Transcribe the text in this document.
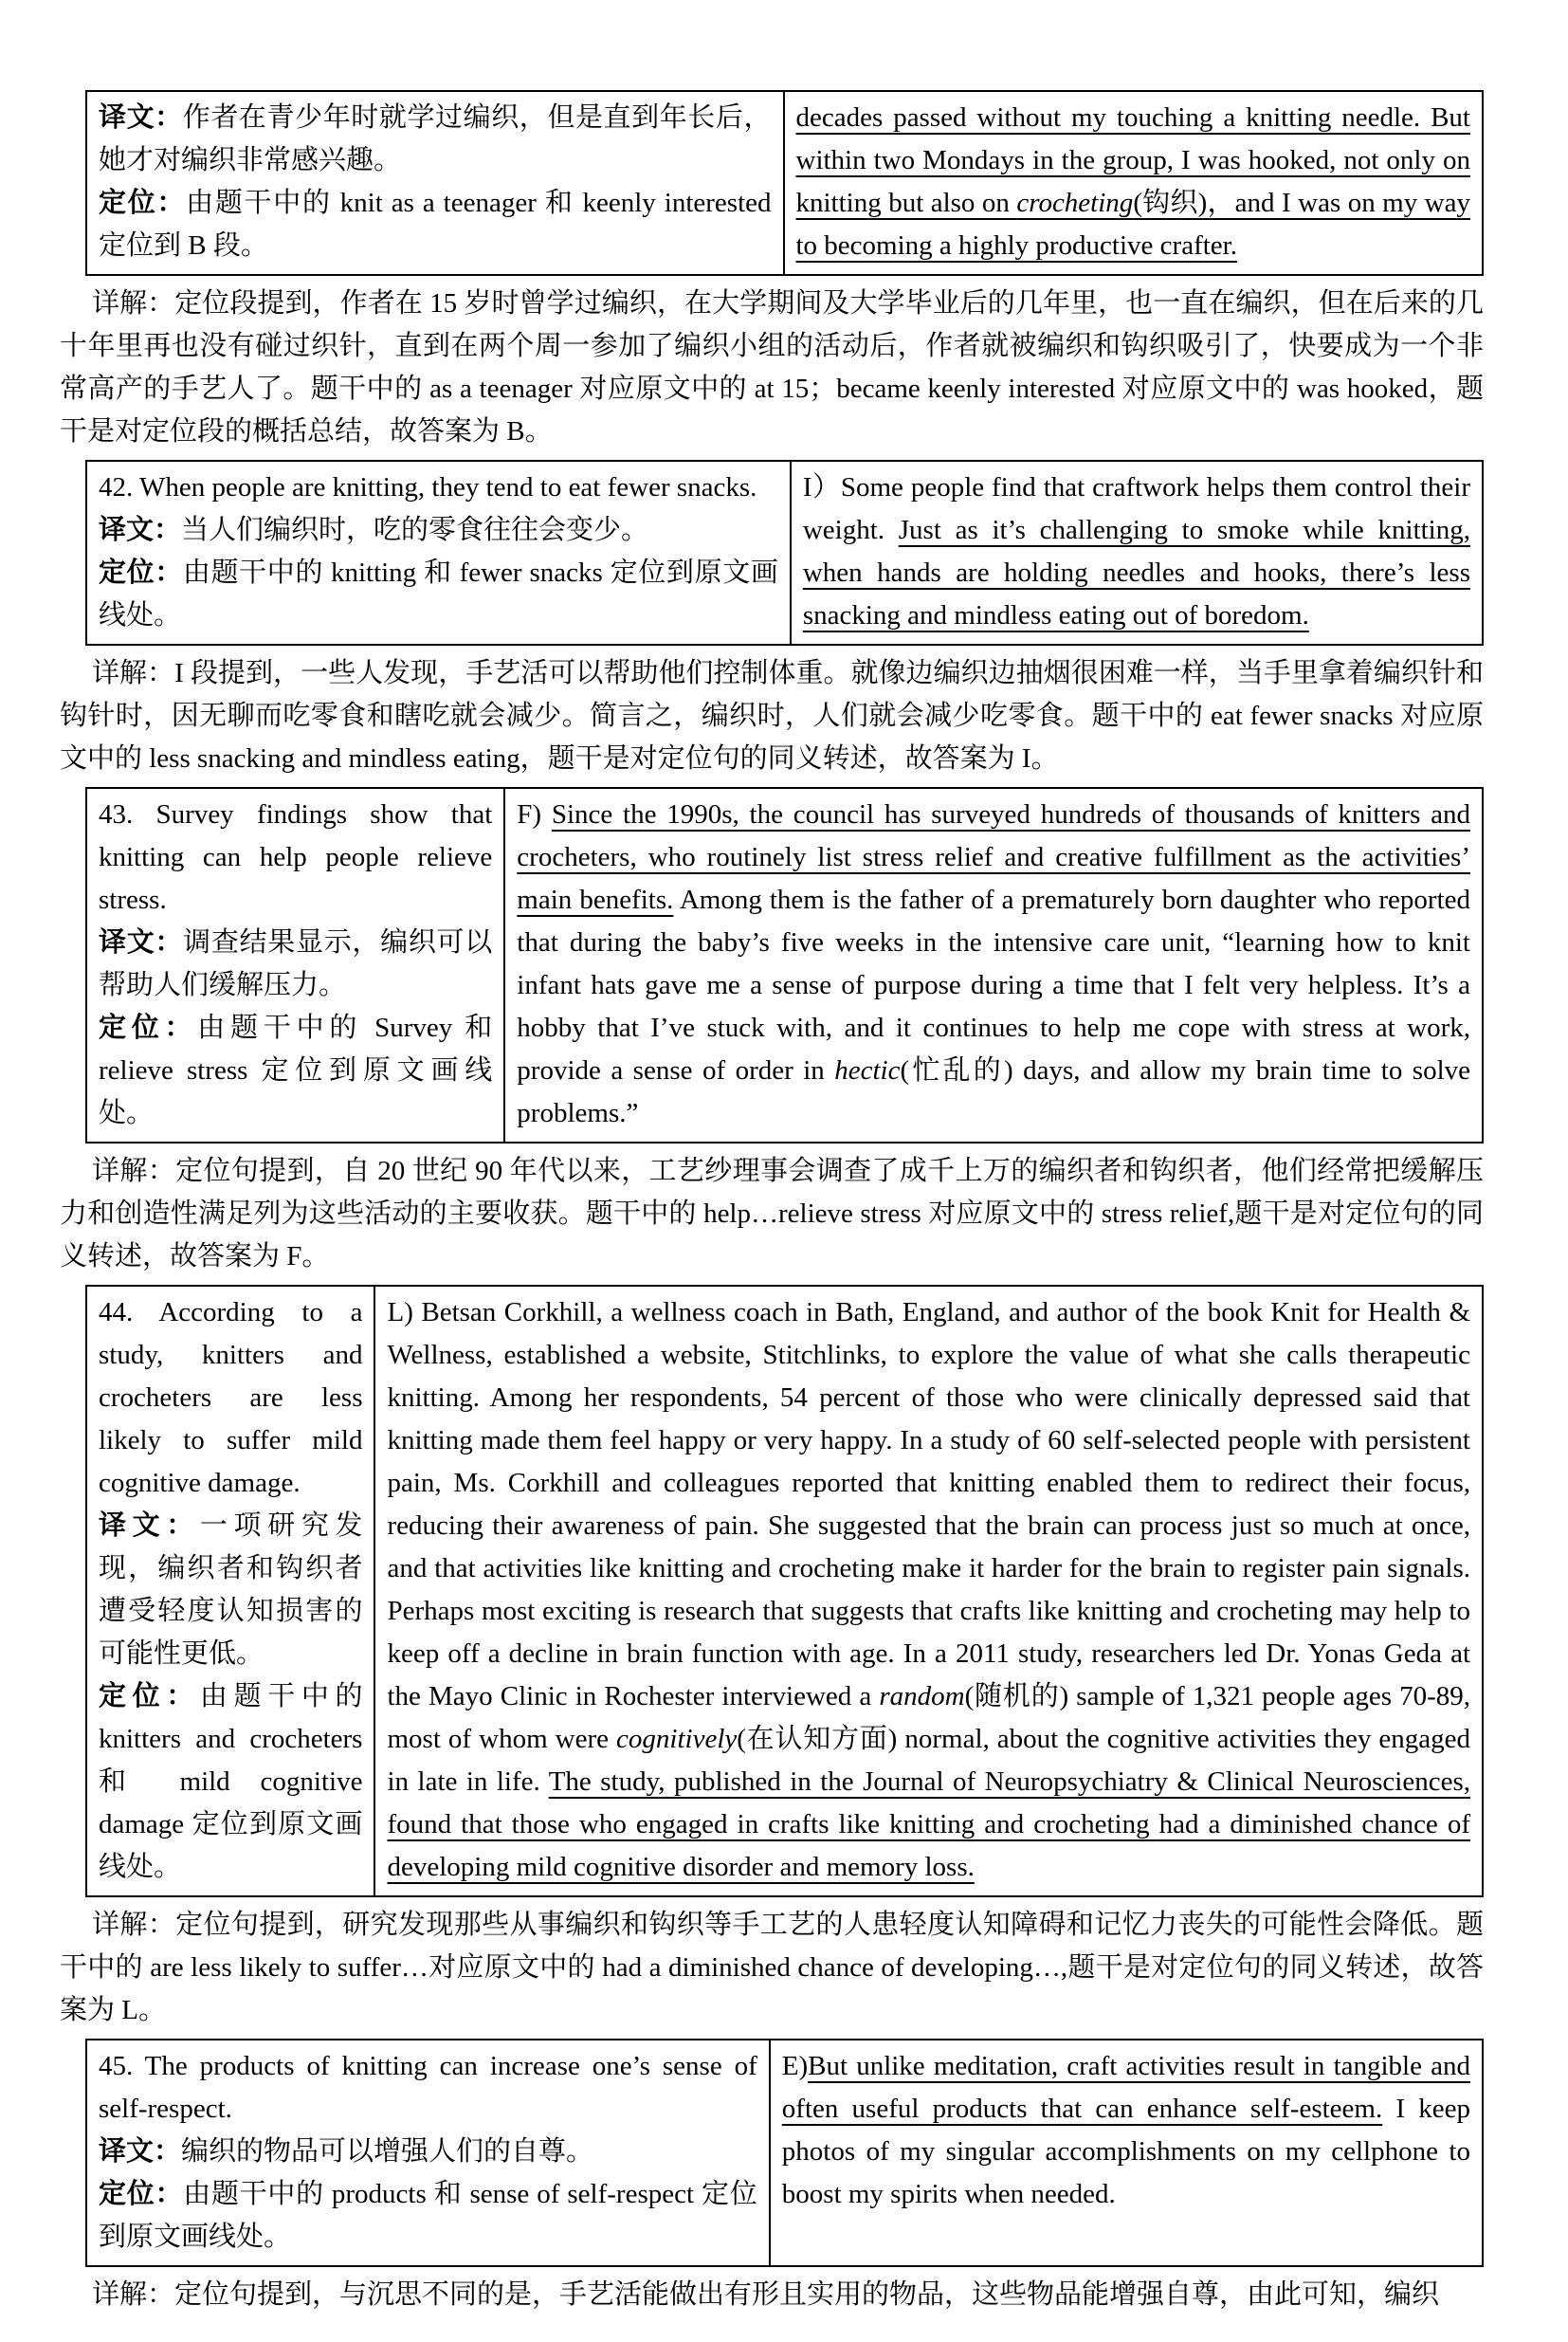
译文：作者在青少年时就学过编织，但是直到年长后，她才对编织非常感兴趣。
定位：由题干中的 knit as a teenager 和 keenly interested 定位到 B 段。
decades passed without my touching a knitting needle. But within two Mondays in the group, I was hooked, not only on knitting but also on crocheting(钩织)，and I was on my way to becoming a highly productive crafter.
详解：定位段提到，作者在 15 岁时曾学过编织，在大学期间及大学毕业后的几年里，也一直在编织，但在后来的几十年里再也没有碰过织针，直到在两个周一参加了编织小组的活动后，作者就被编织和钩织吸引了，快要成为一个非常高产的手艺人了。题干中的 as a teenager 对应原文中的 at 15；became keenly interested 对应原文中的 was hooked，题干是对定位段的概括总结，故答案为 B。
42. When people are knitting, they tend to eat fewer snacks.
译文：当人们编织时，吃的零食往往会变少。
定位：由题干中的 knitting 和 fewer snacks 定位到原文画线处。
I）Some people find that craftwork helps them control their weight. Just as it’s challenging to smoke while knitting, when hands are holding needles and hooks, there’s less snacking and mindless eating out of boredom.
详解：I 段提到，一些人发现，手艺活可以帮助他们控制体重。就像边编织边抽烟很困难一样，当手里拿着编织针和钩针时，因无聊而吃零食和瞎吃就会减少。简言之，编织时，人们就会减少吃零食。题干中的 eat fewer snacks 对应原文中的 less snacking and mindless eating，题干是对定位句的同义转述，故答案为 I。
43. Survey findings show that knitting can help people relieve stress.
译文：调查结果显示，编织可以帮助人们缓解压力。
定位：由题干中的 Survey 和 relieve stress 定位到原文画线处。
F) Since the 1990s, the council has surveyed hundreds of thousands of knitters and crocheters, who routinely list stress relief and creative fulfillment as the activities’ main benefits. Among them is the father of a prematurely born daughter who reported that during the baby’s five weeks in the intensive care unit, “learning how to knit infant hats gave me a sense of purpose during a time that I felt very helpless. It’s a hobby that I’ve stuck with, and it continues to help me cope with stress at work, provide a sense of order in hectic(忙乱的) days, and allow my brain time to solve problems.”
详解：定位句提到，自 20 世纪 90 年代以来，工艺纱理事会调查了成千上万的编织者和钩织者，他们经常把缓解压力和创造性满足列为这些活动的主要收获。题干中的 help…relieve stress 对应原文中的 stress relief,题干是对定位句的同义转述，故答案为 F。
44. According to a study, knitters and crocheters are less likely to suffer mild cognitive damage.
译文：一项研究发现，编织者和钩织者遭受轻度认知损害的可能性更低。
定位：由题干中的 knitters and crocheters 和 mild cognitive damage 定位到原文画线处。
L) Betsan Corkhill, a wellness coach in Bath, England, and author of the book Knit for Health & Wellness, established a website, Stitchlinks, to explore the value of what she calls therapeutic knitting. Among her respondents, 54 percent of those who were clinically depressed said that knitting made them feel happy or very happy. In a study of 60 self-selected people with persistent pain, Ms. Corkhill and colleagues reported that knitting enabled them to redirect their focus, reducing their awareness of pain. She suggested that the brain can process just so much at once, and that activities like knitting and crocheting make it harder for the brain to register pain signals. Perhaps most exciting is research that suggests that crafts like knitting and crocheting may help to keep off a decline in brain function with age. In a 2011 study, researchers led Dr. Yonas Geda at the Mayo Clinic in Rochester interviewed a random(随机的) sample of 1,321 people ages 70-89, most of whom were cognitively(在认知方面) normal, about the cognitive activities they engaged in late in life. The study, published in the Journal of Neuropsychiatry & Clinical Neurosciences, found that those who engaged in crafts like knitting and crocheting had a diminished chance of developing mild cognitive disorder and memory loss.
详解：定位句提到，研究发现那些从事编织和钩织等手工艺的人患轻度认知障碍和记忆力丧失的可能性会降低。题干中的 are less likely to suffer…对应原文中的 had a diminished chance of developing…,题干是对定位句的同义转述，故答案为 L。
45. The products of knitting can increase one’s sense of self-respect.
译文：编织的物品可以增强人们的自尊。
定位：由题干中的 products 和 sense of self-respect 定位到原文画线处。
E)But unlike meditation, craft activities result in tangible and often useful products that can enhance self-esteem. I keep photos of my singular accomplishments on my cellphone to boost my spirits when needed.
详解：定位句提到，与沉思不同的是，手艺活能做出有形且实用的物品，这些物品能增强自尊，由此可知，编织
